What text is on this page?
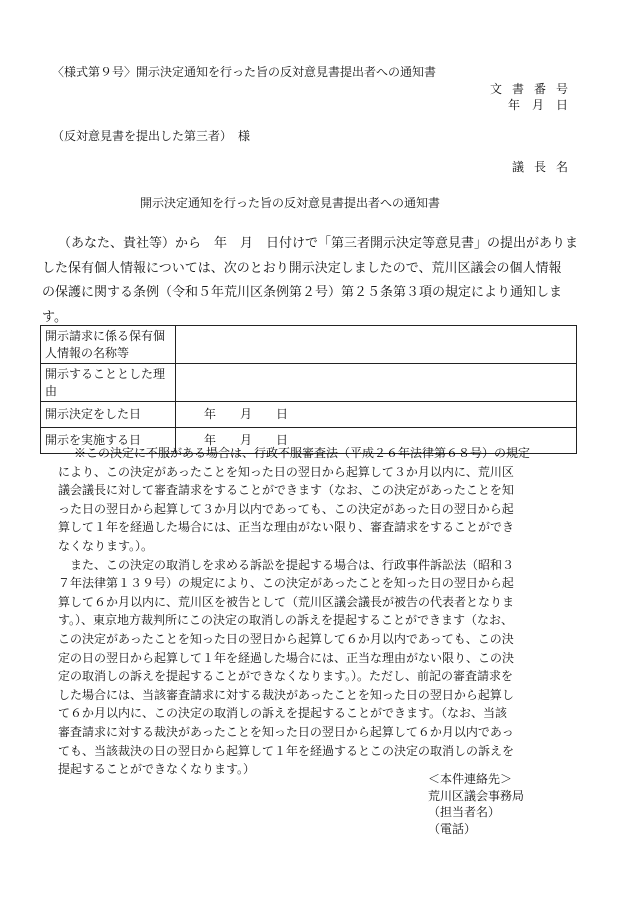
〈様式第９号〉開示決定通知を行った旨の反対意見書提出者への通知書
文書番号
年　月　日
（反対意見書を提出した第三者）　様
議長名
開示決定通知を行った旨の反対意見書提出者への通知書
（あなた、貴社等）から　年　月　日付けで「第三者開示決定等意見書」の提出がありま
した保有個人情報については、次のとおり開示決定しましたので、荒川区議会の個人情報
の保護に関する条例（令和５年荒川区条例第２号）第２５条第３項の規定により通知しま
す。
開示請求に係る保有個人情報の名称等	
開示することとした理由	
開示決定をした日	年　　月　　日
開示を実施する日	年　　月　　日
※この決定に不服がある場合は、行政不服審査法（平成２６年法律第６８号）の規定
により、この決定があったことを知った日の翌日から起算して３か月以内に、荒川区
議会議長に対して審査請求をすることができます（なお、この決定があったことを知
った日の翌日から起算して３か月以内であっても、この決定があった日の翌日から起
算して１年を経過した場合には、正当な理由がない限り、審査請求をすることができ
なくなります。）。
　また、この決定の取消しを求める訴訟を提起する場合は、行政事件訴訟法（昭和３
７年法律第１３９号）の規定により、この決定があったことを知った日の翌日から起
算して６か月以内に、荒川区を被告として（荒川区議会議長が被告の代表者となりま
す。）、東京地方裁判所にこの決定の取消しの訴えを提起することができます（なお、
この決定があったことを知った日の翌日から起算して６か月以内であっても、この決
定の日の翌日から起算して１年を経過した場合には、正当な理由がない限り、この決
定の取消しの訴えを提起することができなくなります。）。ただし、前記の審査請求を
した場合には、当該審査請求に対する裁決があったことを知った日の翌日から起算し
て６か月以内に、この決定の取消しの訴えを提起することができます。（なお、当該
審査請求に対する裁決があったことを知った日の翌日から起算して６か月以内であっ
ても、当該裁決の日の翌日から起算して１年を経過するとこの決定の取消しの訴えを
提起することができなくなります。）
＜本件連絡先＞
荒川区議会事務局
（担当者名）
（電話）
